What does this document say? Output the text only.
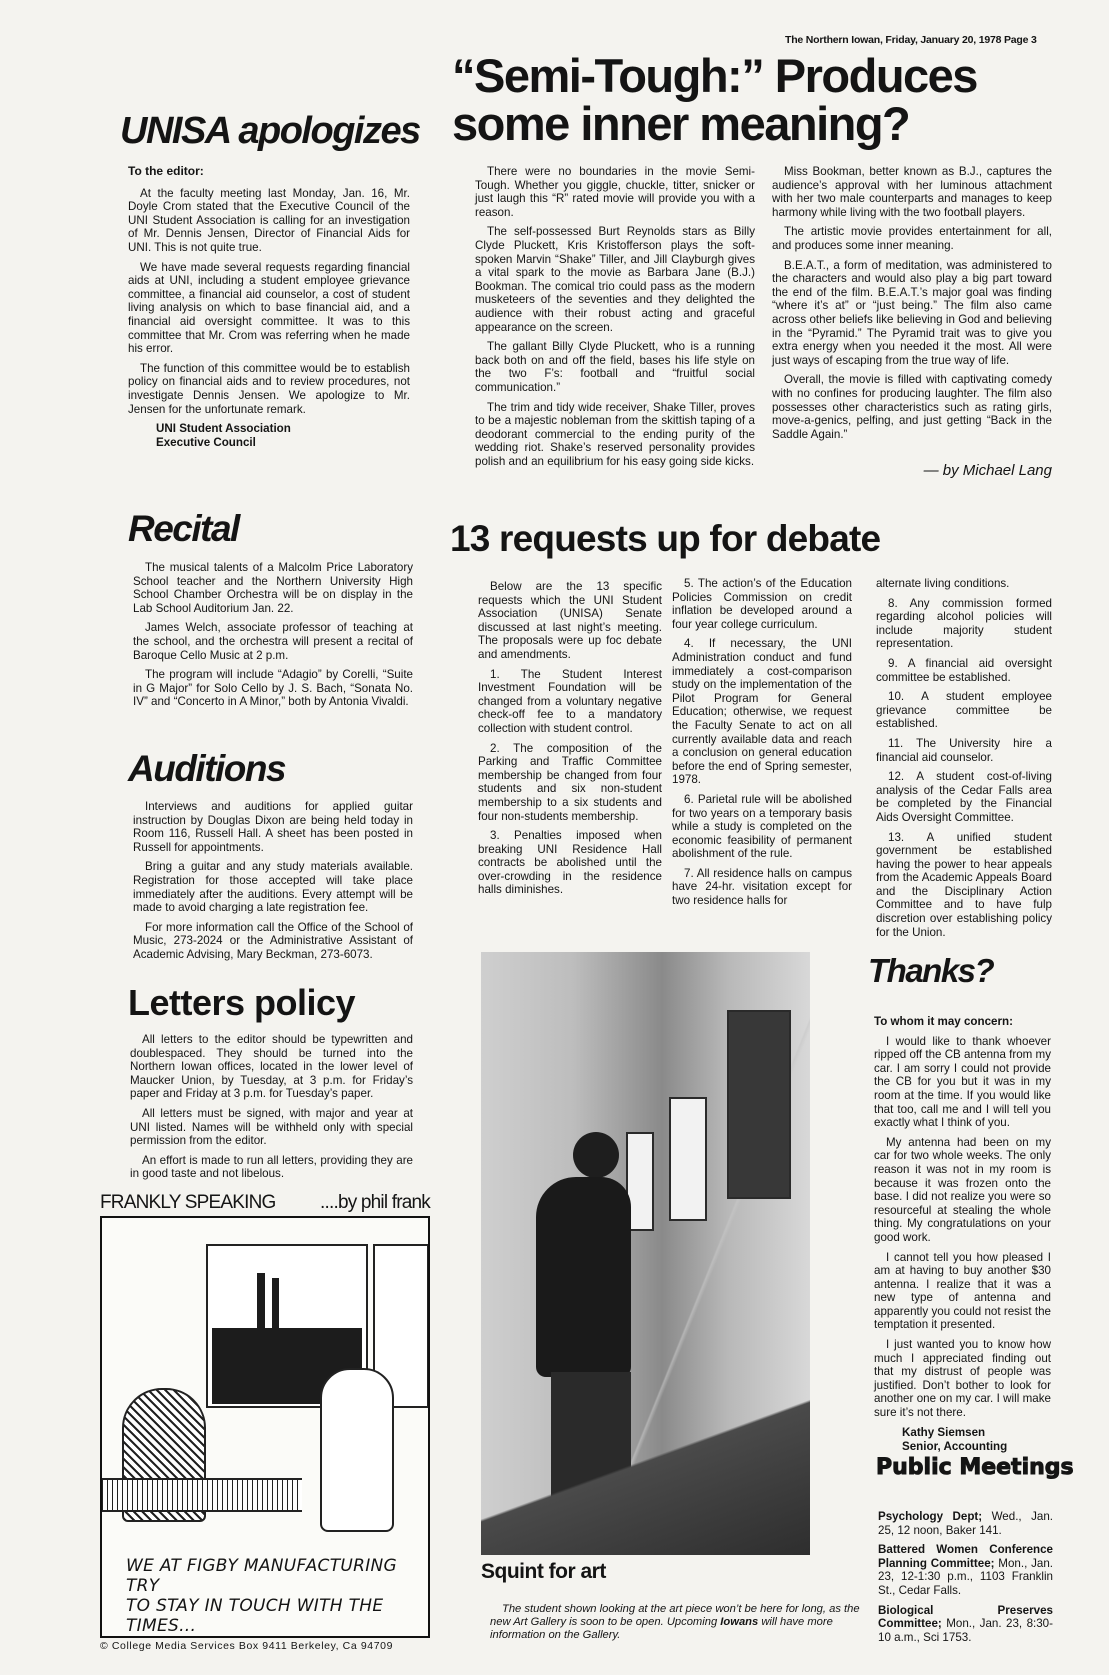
The Northern Iowan, Friday, January 20, 1978 Page 3
UNISA apologizes
To the editor:

At the faculty meeting last Monday, Jan. 16, Mr. Doyle Crom stated that the Executive Council of the UNI Student Association is calling for an investigation of Mr. Dennis Jensen, Director of Financial Aids for UNI. This is not quite true.

We have made several requests regarding financial aids at UNI, including a student employee grievance committee, a financial aid counselor, a cost of student living analysis on which to base financial aid, and a financial aid oversight committee. It was to this committee that Mr. Crom was referring when he made his error.

The function of this committee would be to establish policy on financial aids and to review procedures, not investigate Dennis Jensen. We apologize to Mr. Jensen for the unfortunate remark.

UNI Student Association
Executive Council
“Semi-Tough:” Produces
some inner meaning?

There were no boundaries in the movie Semi-Tough. Whether you giggle, chuckle, titter, snicker or just laugh this “R” rated movie will provide you with a reason.

The self-possessed Burt Reynolds stars as Billy Clyde Pluckett, Kris Kristofferson plays the soft-spoken Marvin “Shake” Tiller, and Jill Clayburgh gives a vital spark to the movie as Barbara Jane (B.J.) Bookman. The comical trio could pass as the modern musketeers of the seventies and they delighted the audience with their robust acting and graceful appearance on the screen.

The gallant Billy Clyde Pluckett, who is a running back both on and off the field, bases his life style on the two F’s: football and “fruitful social communication.”

The trim and tidy wide receiver, Shake Tiller, proves to be a majestic nobleman from the skittish taping of a deodorant commercial to the ending purity of the wedding riot. Shake’s reserved personality provides polish and an equilibrium for his easy going side kicks.

Miss Bookman, better known as B.J., captures the audience’s approval with her luminous attachment with her two male counterparts and manages to keep harmony while living with the two football players.

The artistic movie provides entertainment for all, and produces some inner meaning.

B.E.A.T., a form of meditation, was administered to the characters and would also play a big part toward the end of the film. B.E.A.T.’s major goal was finding “where it’s at” or “just being.” The film also came across other beliefs like believing in God and believing in the “Pyramid.” The Pyramid trait was to give you extra energy when you needed it the most. All were just ways of escaping from the true way of life.

Overall, the movie is filled with captivating comedy with no confines for producing laughter. The film also possesses other characteristics such as rating girls, move-a-genics, pelfing, and just getting “Back in the Saddle Again.”

— by Michael Lang
Recital

The musical talents of a Malcolm Price Laboratory School teacher and the Northern University High School Chamber Orchestra will be on display in the Lab School Auditorium Jan. 22.

James Welch, associate professor of teaching at the school, and the orchestra will present a recital of Baroque Cello Music at 2 p.m.

The program will include “Adagio” by Corelli, “Suite in G Major” for Solo Cello by J. S. Bach, “Sonata No. IV” and “Concerto in A Minor,” both by Antonia Vivaldi.

Auditions

Interviews and auditions for applied guitar instruction by Douglas Dixon are being held today in Room 116, Russell Hall. A sheet has been posted in Russell for appointments.

Bring a guitar and any study materials available. Registration for those accepted will take place immediately after the auditions. Every attempt will be made to avoid charging a late registration fee.

For more information call the Office of the School of Music, 273-2024 or the Administrative Assistant of Academic Advising, Mary Beckman, 273-6073.

Letters policy

All letters to the editor should be typewritten and doublespaced. They should be turned into the Northern Iowan offices, located in the lower level of Maucker Union, by Tuesday, at 3 p.m. for Friday’s paper and Friday at 3 p.m. for Tuesday’s paper.

All letters must be signed, with major and year at UNI listed. Names will be withheld only with special permission from the editor.

An effort is made to run all letters, providing they are in good taste and not libelous.

FRANKLY SPEAKING ....by phil frank
WE AT FIGBY MANUFACTURING TRY
TO STAY IN TOUCH WITH THE TIMES...
© College Media Services Box 9411 Berkeley, Ca 94709
13 requests up for debate

Below are the 13 specific requests which the UNI Student Association (UNISA) Senate discussed at last night’s meeting. The proposals were up foc debate and amendments.

1. The Student Interest Investment Foundation will be changed from a voluntary negative check-off fee to a mandatory collection with student control.

2. The composition of the Parking and Traffic Committee membership be changed from four students and six non-student membership to a six students and four non-students membership.

3. Penalties imposed when breaking UNI Residence Hall contracts be abolished until the over-crowding in the residence halls diminishes.

5. The action’s of the Education Policies Commission on credit inflation be developed around a four year college curriculum.

4. If necessary, the UNI Administration conduct and fund immediately a cost-comparison study on the implementation of the Pilot Program for General Education; otherwise, we request the Faculty Senate to act on all currently available data and reach a conclusion on general education before the end of Spring semester, 1978.

6. Parietal rule will be abolished for two years on a temporary basis while a study is completed on the economic feasibility of permanent abolishment of the rule.

7. All residence halls on campus have 24-hr. visitation except for two residence halls for

alternate living conditions.

8. Any commission formed regarding alcohol policies will include majority student representation.

9. A financial aid oversight committee be established.

10. A student employee grievance committee be established.

11. The University hire a financial aid counselor.

12. A student cost-of-living analysis of the Cedar Falls area be completed by the Financial Aids Oversight Committee.

13. A unified student government be established having the power to hear appeals from the Academic Appeals Board and the Disciplinary Action Committee and to have fulp discretion over establishing policy for the Union.

Squint for art
The student shown looking at the art piece won’t be here for long, as the new Art Gallery is soon to be open. Upcoming Iowans will have more information on the Gallery.
Thanks?
To whom it may concern:

I would like to thank whoever ripped off the CB antenna from my car. I am sorry I could not provide the CB for you but it was in my room at the time. If you would like that too, call me and I will tell you exactly what I think of you.

My antenna had been on my car for two whole weeks. The only reason it was not in my room is because it was frozen onto the base. I did not realize you were so resourceful at stealing the whole thing. My congratulations on your good work.

I cannot tell you how pleased I am at having to buy another $30 antenna. I realize that it was a new type of antenna and apparently you could not resist the temptation it presented.

I just wanted you to know how much I appreciated finding out that my distrust of people was justified. Don’t bother to look for another one on my car. I will make sure it’s not there.

Kathy Siemsen
Senior, Accounting
Public Meetings
Psychology Dept; Wed., Jan. 25, 12 noon, Baker 141.
Battered Women Conference Planning Committee; Mon., Jan. 23, 12-1:30 p.m., 1103 Franklin St., Cedar Falls.
Biological Preserves Committee; Mon., Jan. 23, 8:30-10 a.m., Sci 1753.
